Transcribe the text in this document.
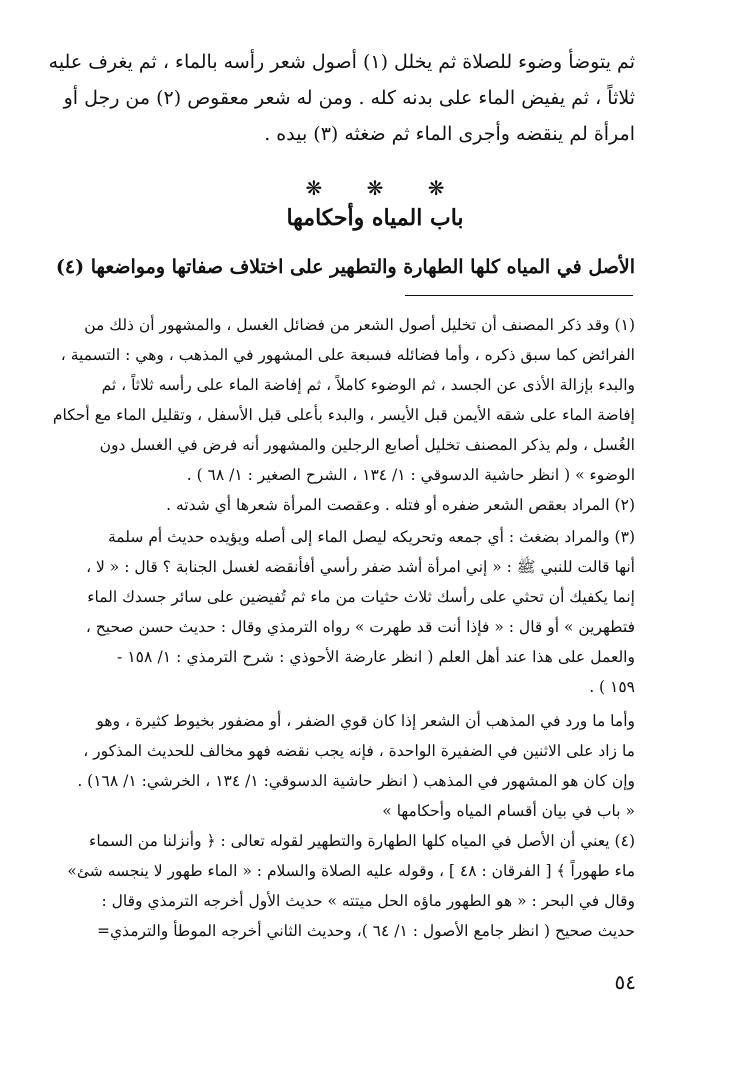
ثم يتوضأ وضوء للصلاة ثم يخلل (١) أصول شعر رأسه بالماء ، ثم يغرف عليه
ثلاثاً ، ثم يفيض الماء على بدنه كله . ومن له شعر معقوص (٢) من رجل أو
امرأة لم ينقضه وأجرى الماء ثم ضغثه (٣) بيده .
❋ ❋ ❋
باب المياه وأحكامها
الأصل في المياه كلها الطهارة والتطهير على اختلاف صفاتها ومواضعها (٤)
(١) وقد ذكر المصنف أن تخليل أصول الشعر من فضائل الغسل ، والمشهور أن ذلك من
الفرائض كما سبق ذكره ، وأما فضائله فسبعة على المشهور في المذهب ، وهي : التسمية ،
والبدء بإزالة الأذى عن الجسد ، ثم الوضوء كاملاً ، ثم إفاضة الماء على رأسه ثلاثاً ، ثم
إفاضة الماء على شقه الأيمن قبل الأيسر ، والبدء بأعلى قبل الأسفل ، وتقليل الماء مع أحكام
الغُسل ، ولم يذكر المصنف تخليل أصابع الرجلين والمشهور أنه فرض في الغسل دون
الوضوء » ( انظر حاشية الدسوقي : ١/ ١٣٤ ، الشرح الصغير : ١/ ٦٨ ) .
(٢) المراد بعقص الشعر ضفره أو فتله . وعقصت المرأة شعرها أي شدته .
(٣) والمراد بضغث : أي جمعه وتحريكه ليصل الماء إلى أصله ويؤيده حديث أم سلمة
أنها قالت للنبي ﷺ : « إني امرأة أشد ضفر رأسي أفأنقضه لغسل الجنابة ؟ قال : « لا ،
إنما يكفيك أن تحثي على رأسك ثلاث حثيات من ماء ثم تُفيضين على سائر جسدك الماء
فتطهرين » أو قال : « فإذا أنت قد طهرت » رواه الترمذي وقال : حديث حسن صحيح ،
والعمل على هذا عند أهل العلم ( انظر عارضة الأحوذي : شرح الترمذي : ١/ ١٥٨ -
١٥٩ ) .
وأما ما ورد في المذهب أن الشعر إذا كان قوي الضفر ، أو مضفور بخيوط كثيرة ، وهو
ما زاد على الاثنين في الضفيرة الواحدة ، فإنه يجب نقضه فهو مخالف للحديث المذكور ،
وإن كان هو المشهور في المذهب ( انظر حاشية الدسوقي: ١/ ١٣٤ ، الخرشي: ١/ ١٦٨) .
« باب في بيان أقسام المياه وأحكامها »
(٤) يعني أن الأصل في المياه كلها الطهارة والتطهير لقوله تعالى : ﴿ وأنزلنا من السماء
ماء طهوراً ﴾ [ الفرقان : ٤٨ ] ، وقوله عليه الصلاة والسلام : « الماء طهور لا ينجسه شئ»
وقال في البحر : « هو الطهور ماؤه الحل ميتته » حديث الأول أخرجه الترمذي وقال :
حديث صحيح ( انظر جامع الأصول : ١/ ٦٤ )، وحديث الثاني أخرجه الموطأ والترمذي=
٥٤
